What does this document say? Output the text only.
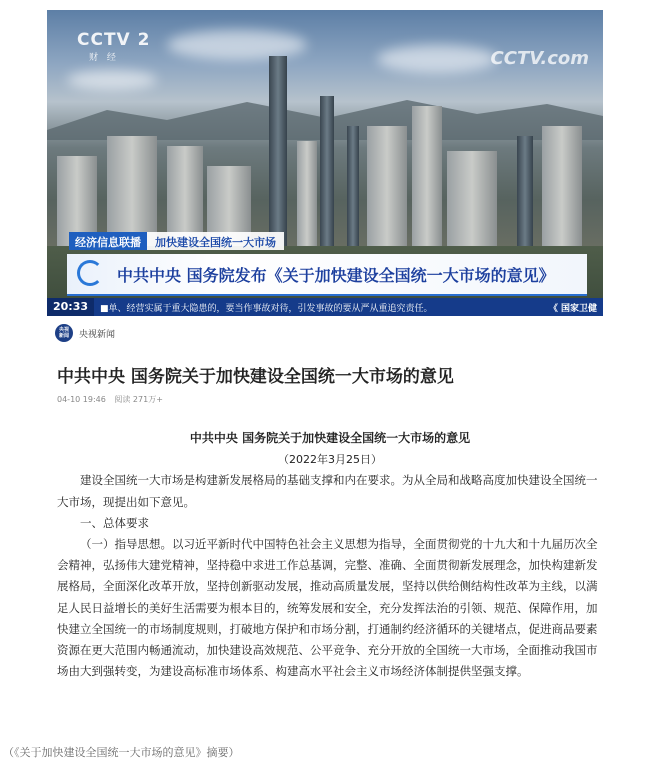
CCTV 2
财 经	CCTV.com
经济信息联播	加快建设全国统一大市场
中共中央 国务院发布《关于加快建设全国统一大市场的意见》
20:33	■单、经营实属于重大隐患的，要当作事故对待，引发事故的要从严从重追究责任。	《 国家卫健
央视
新闻	央视新闻
中共中央 国务院关于加快建设全国统一大市场的意见
04-10 19:46 阅读 271万+

中共中央 国务院关于加快建设全国统一大市场的意见

（2022年3月25日）

建设全国统一大市场是构建新发展格局的基础支撑和内在要求。为从全局和战略高度加快建设全国统一大市场，现提出如下意见。

一、总体要求

（一）指导思想。以习近平新时代中国特色社会主义思想为指导，全面贯彻党的十九大和十九届历次全会精神，弘扬伟大建党精神，坚持稳中求进工作总基调，完整、准确、全面贯彻新发展理念，加快构建新发展格局，全面深化改革开放，坚持创新驱动发展，推动高质量发展，坚持以供给侧结构性改革为主线，以满足人民日益增长的美好生活需要为根本目的，统筹发展和安全，充分发挥法治的引领、规范、保障作用，加快建立全国统一的市场制度规则，打破地方保护和市场分割，打通制约经济循环的关键堵点，促进商品要素资源在更大范围内畅通流动，加快建设高效规范、公平竞争、充分开放的全国统一大市场，全面推动我国市场由大到强转变，为建设高标准市场体系、构建高水平社会主义市场经济体制提供坚强支撑。

（《关于加快建设全国统一大市场的意见》摘要）
